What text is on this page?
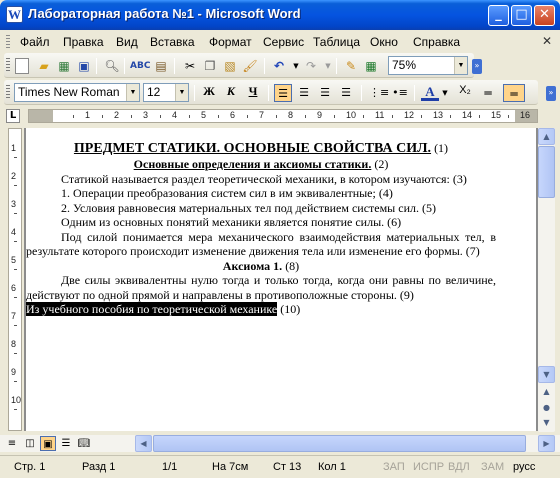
W Лабораторная работа №1 - Microsoft Word	_	□ ✕
Файл Правка Вид Вставка Формат Сервис Таблица Окно Справка	✕
▰ ▦ ▣ 🔍︎ ABC ▤	✂ ❐ ▧ 🖌︎	↶	▼ ↷	▼	✎ ▦	75%	▼	»
Times New Roman	▼ 12	▼ Ж К	Ч	☰	☰	☰	☰	⋮≡ •≡	A	▼ X₂	═	═	»
L	1	2	3	4	5	6	7	8	9	10 11 12 13 14 15 16
1
2
3
4
5
6
7
8
9
10
ПРЕДМЕТ СТАТИКИ. ОСНОВНЫЕ СВОЙСТВА СИЛ. (1)
Основные определения и аксиомы статики. (2)
Статикой называется раздел теоретической механики, в котором изучаются: (3)
1. Операции преобразования систем сил в им эквивалентные; (4)
2. Условия равновесия материальных тел под действием системы сил. (5)
Одним из основных понятий механики является понятие силы. (6)
Под силой понимается мера механического взаимодействия материальных тел, в результате которого происходит изменение движения тела или изменение его формы. (7)
Аксиома 1. (8)
Две силы эквивалентны нулю тогда и только тогда, когда они равны по величине, действуют по одной прямой и направлены в противоположные стороны. (9)
Из учебного пособия по теоретической механике (10)
▲
▼
▲
●
▼
≡ ◫ ▣ ☰ 📖︎	◀	▶
Стр. 1	Разд 1	1/1	На 7см Ст 13 Кол 1	ЗАП ИСПР ВДЛ ЗАМ русс
